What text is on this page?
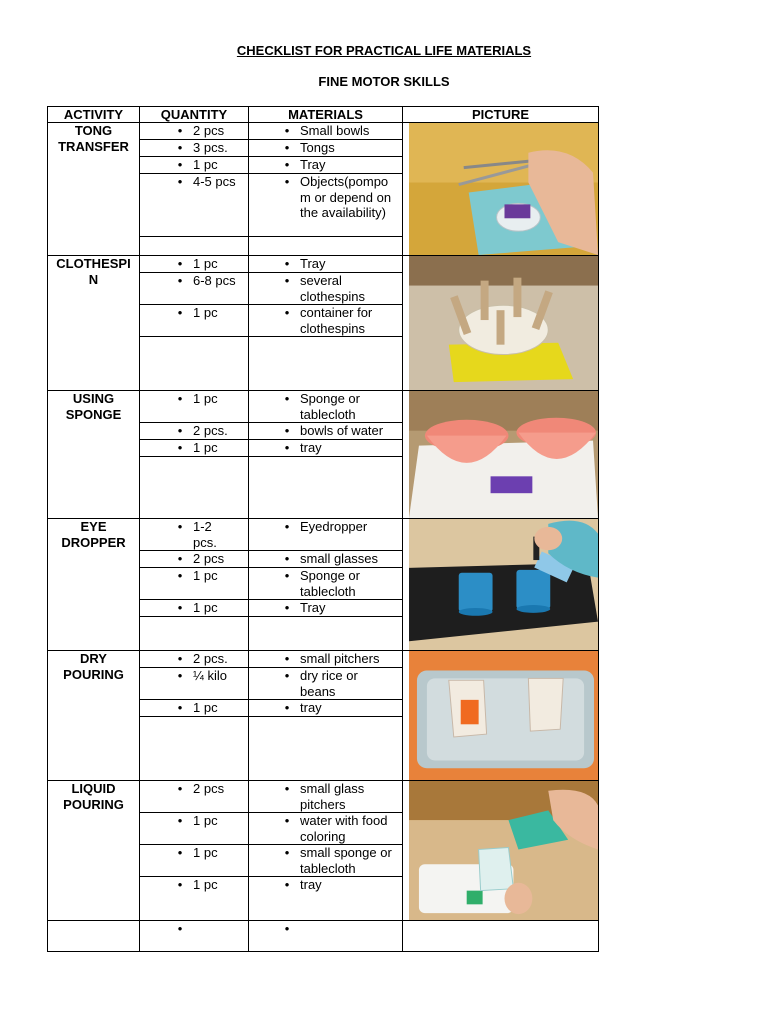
CHECKLIST FOR PRACTICAL LIFE MATERIALS
FINE MOTOR SKILLS
ACTIVITY	QUANTITY	MATERIALS	PICTURE
TONG TRANSFER	• 2 pcs	• Small bowls

	• 3 pcs.	• Tongs	

	• 1 pc	• Tray	

	• 4-5 pcs	• Objects(pompom or depend on the availability)	

CLOTHESPIN	• 1 pc	• Tray

	• 6-8 pcs	• several clothespins	

	• 1 pc	• container for clothespins	

USING SPONGE	• 1 pc	• Sponge or tablecloth

	• 2 pcs.	• bowls of water	

	• 1 pc	• tray	

EYE DROPPER	• 1-2 pcs.	• Eyedropper

	• 2 pcs	• small glasses	

	• 1 pc	• Sponge or tablecloth	

	• 1 pc	• Tray	

DRY POURING	• 2 pcs.	• small pitchers

	• ¼ kilo	• dry rice or beans	

	• 1 pc	• tray	

LIQUID POURING	• 2 pcs	• small glass pitchers

	• 1 pc	• water with food coloring	

	• 1 pc	• small sponge or tablecloth	

	• 1 pc	• tray	

	•	•	
